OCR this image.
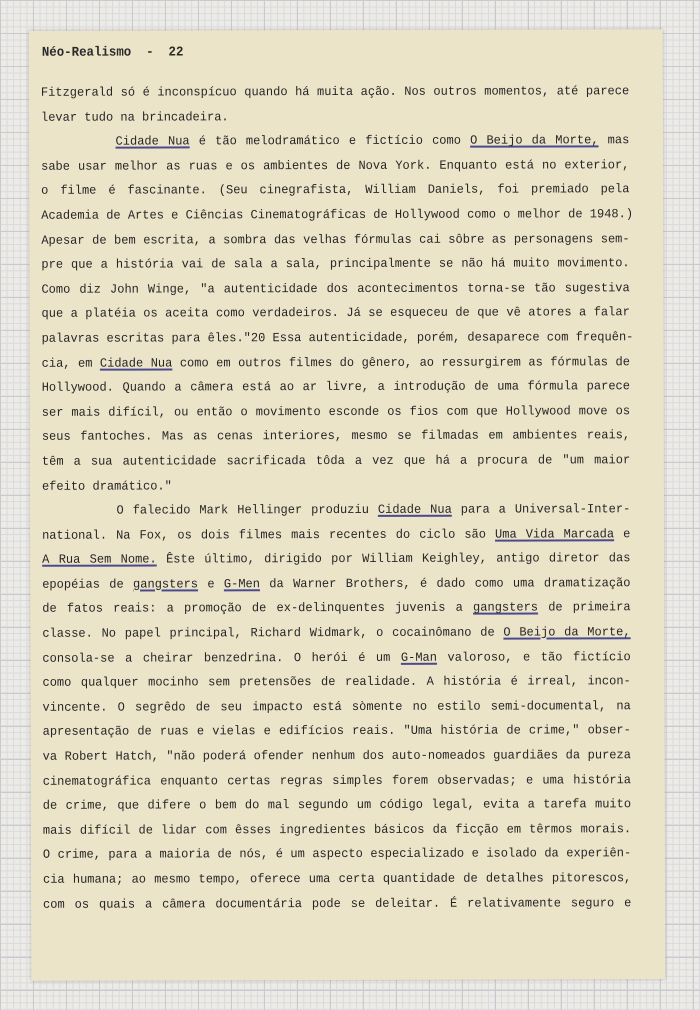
Néo-Realismo  -  22
Fitzgerald só é inconspícuo quando há muita ação. Nos outros momentos, até parece
levar tudo na brincadeira.
Cidade Nua é tão melodramático e fictício como O Beijo da Morte, mas
sabe usar melhor as ruas e os ambientes de Nova York. Enquanto está no exterior,
o filme é fascinante. (Seu cinegrafista, William Daniels, foi premiado pela
Academia de Artes e Ciências Cinematográficas de Hollywood como o melhor de 1948.)
Apesar de bem escrita, a sombra das velhas fórmulas cai sôbre as personagens sem-
pre que a história vai de sala a sala, principalmente se não há muito movimento.
Como diz John Winge, "a autenticidade dos acontecimentos torna-se tão sugestiva
que a platéia os aceita como verdadeiros. Já se esqueceu de que vê atores a falar
palavras escritas para êles."20 Essa autenticidade, porém, desaparece com frequên-
cia, em Cidade Nua como em outros filmes do gênero, ao ressurgirem as fórmulas de
Hollywood. Quando a câmera está ao ar livre, a introdução de uma fórmula parece
ser mais difícil, ou então o movimento esconde os fios com que Hollywood move os
seus fantoches. Mas as cenas interiores, mesmo se filmadas em ambientes reais,
têm a sua autenticidade sacrificada tôda a vez que há a procura de "um maior
efeito dramático."
O falecido Mark Hellinger produziu Cidade Nua para a Universal-Inter-
national. Na Fox, os dois filmes mais recentes do ciclo são Uma Vida Marcada e
A Rua Sem Nome. Êste último, dirigido por William Keighley, antigo diretor das
epopéias de gangsters e G-Men da Warner Brothers, é dado como uma dramatização
de fatos reais: a promoção de ex-delinquentes juvenis a gangsters de primeira
classe. No papel principal, Richard Widmark, o cocainômano de O Beijo da Morte,
consola-se a cheirar benzedrina. O herói é um G-Man valoroso, e tão fictício
como qualquer mocinho sem pretensões de realidade. A história é irreal, incon-
vincente. O segrêdo de seu impacto está sòmente no estilo semi-documental, na
apresentação de ruas e vielas e edifícios reais. "Uma história de crime," obser-
va Robert Hatch, "não poderá ofender nenhum dos auto-nomeados guardiães da pureza
cinematográfica enquanto certas regras simples forem observadas; e uma história
de crime, que difere o bem do mal segundo um código legal, evita a tarefa muito
mais difícil de lidar com êsses ingredientes básicos da ficção em têrmos morais.
O crime, para a maioria de nós, é um aspecto especializado e isolado da experiên-
cia humana; ao mesmo tempo, oferece uma certa quantidade de detalhes pitorescos,
com os quais a câmera documentária pode se deleitar. É relativamente seguro e
